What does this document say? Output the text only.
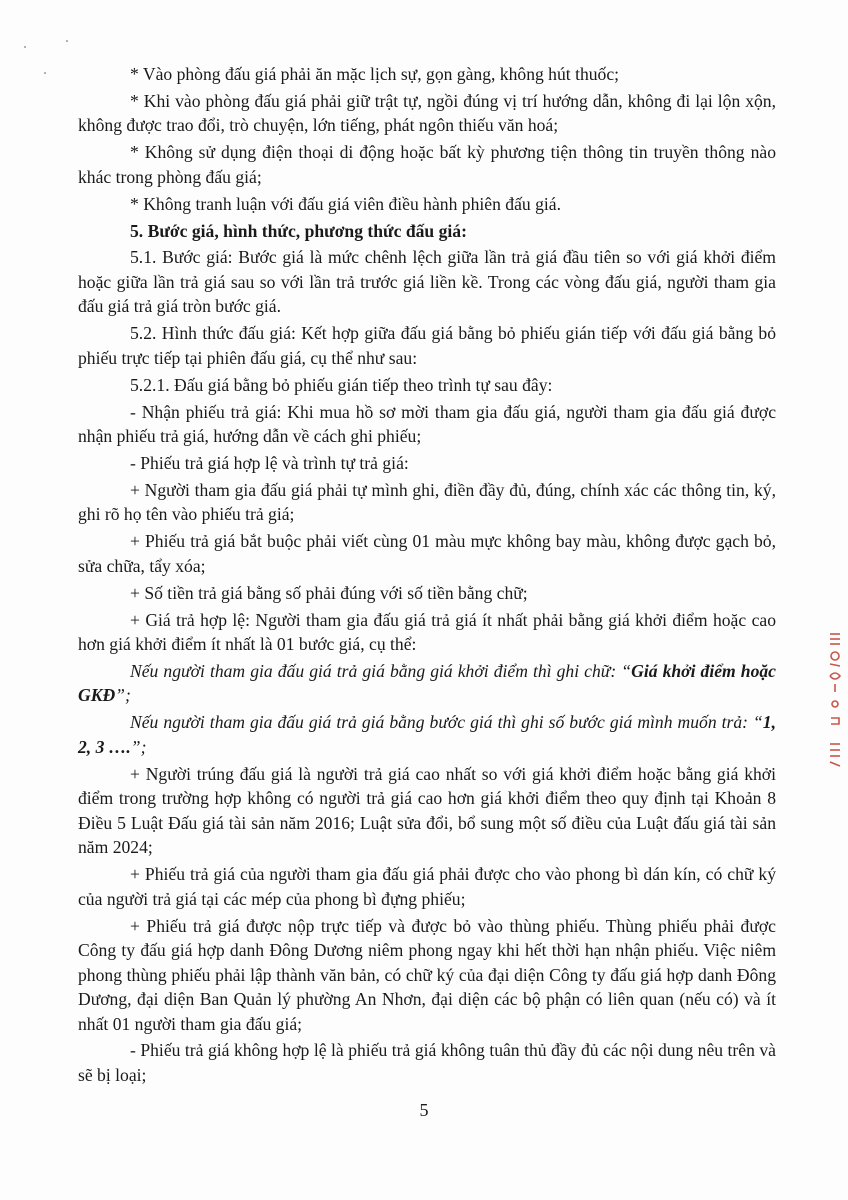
* Vào phòng đấu giá phải ăn mặc lịch sự, gọn gàng, không hút thuốc;

* Khi vào phòng đấu giá phải giữ trật tự, ngồi đúng vị trí hướng dẫn, không đi lại lộn xộn, không được trao đổi, trò chuyện, lớn tiếng, phát ngôn thiếu văn hoá;

* Không sử dụng điện thoại di động hoặc bất kỳ phương tiện thông tin truyền thông nào khác trong phòng đấu giá;

* Không tranh luận với đấu giá viên điều hành phiên đấu giá.

5. Bước giá, hình thức, phương thức đấu giá:

5.1. Bước giá: Bước giá là mức chênh lệch giữa lần trả giá đầu tiên so với giá khởi điểm hoặc giữa lần trả giá sau so với lần trả trước giá liền kề. Trong các vòng đấu giá, người tham gia đấu giá trả giá tròn bước giá.

5.2. Hình thức đấu giá: Kết hợp giữa đấu giá bằng bỏ phiếu gián tiếp với đấu giá bằng bỏ phiếu trực tiếp tại phiên đấu giá, cụ thể như sau:

5.2.1. Đấu giá bằng bỏ phiếu gián tiếp theo trình tự sau đây:

- Nhận phiếu trả giá: Khi mua hồ sơ mời tham gia đấu giá, người tham gia đấu giá được nhận phiếu trả giá, hướng dẫn về cách ghi phiếu;

- Phiếu trả giá hợp lệ và trình tự trả giá:

+ Người tham gia đấu giá phải tự mình ghi, điền đầy đủ, đúng, chính xác các thông tin, ký, ghi rõ họ tên vào phiếu trả giá;

+ Phiếu trả giá bắt buộc phải viết cùng 01 màu mực không bay màu, không được gạch bỏ, sửa chữa, tẩy xóa;

+ Số tiền trả giá bằng số phải đúng với số tiền bằng chữ;

+ Giá trả hợp lệ: Người tham gia đấu giá trả giá ít nhất phải bằng giá khởi điểm hoặc cao hơn giá khởi điểm ít nhất là 01 bước giá, cụ thể:

Nếu người tham gia đấu giá trả giá bằng giá khởi điểm thì ghi chữ: “Giá khởi điểm hoặc GKĐ”;

Nếu người tham gia đấu giá trả giá bằng bước giá thì ghi số bước giá mình muốn trả: “1, 2, 3 ….”;

+ Người trúng đấu giá là người trả giá cao nhất so với giá khởi điểm hoặc bằng giá khởi điểm trong trường hợp không có người trả giá cao hơn giá khởi điểm theo quy định tại Khoản 8 Điều 5 Luật Đấu giá tài sản năm 2016; Luật sửa đổi, bổ sung một số điều của Luật đấu giá tài sản năm 2024;

+ Phiếu trả giá của người tham gia đấu giá phải được cho vào phong bì dán kín, có chữ ký của người trả giá tại các mép của phong bì đựng phiếu;

+ Phiếu trả giá được nộp trực tiếp và được bỏ vào thùng phiếu. Thùng phiếu phải được Công ty đấu giá hợp danh Đông Dương niêm phong ngay khi hết thời hạn nhận phiếu. Việc niêm phong thùng phiếu phải lập thành văn bản, có chữ ký của đại diện Công ty đấu giá hợp danh Đông Dương, đại diện Ban Quản lý phường An Nhơn, đại diện các bộ phận có liên quan (nếu có) và ít nhất 01 người tham gia đấu giá;

- Phiếu trả giá không hợp lệ là phiếu trả giá không tuân thủ đầy đủ các nội dung nêu trên và sẽ bị loại;

5
